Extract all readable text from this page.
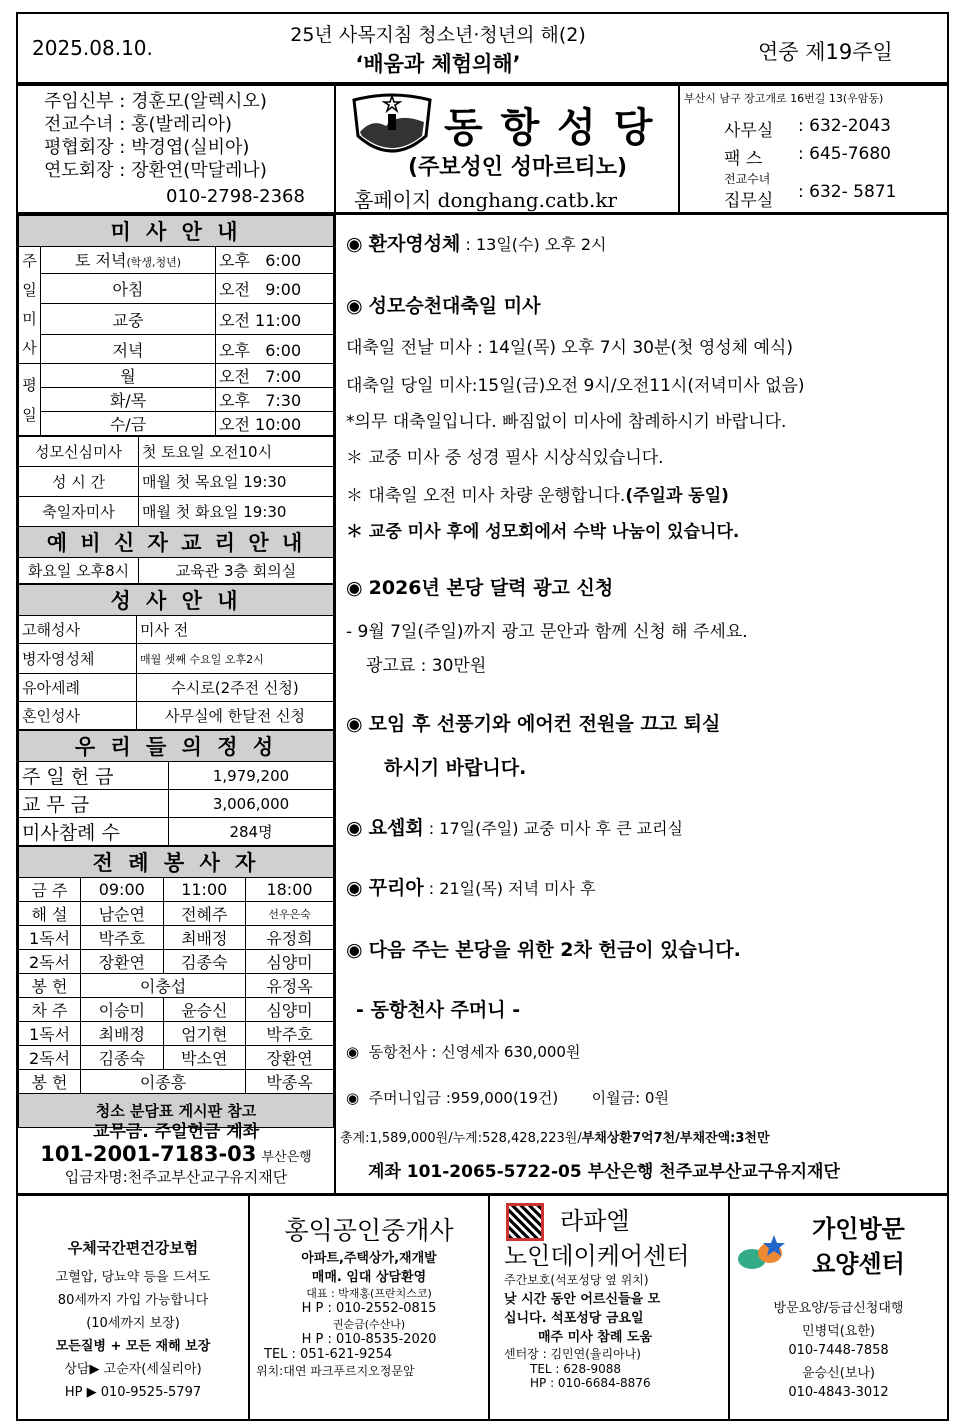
2025.08.10.
25년 사목지침 청소년·청년의 해(2)
‘배움과 체험의해’	연중 제19주일
주임신부 : 경훈모(알렉시오)
전교수녀 : 홍(발레리아)
평협회장 : 박경엽(실비아)
연도회장 : 장환연(막달레나)
010-2798-2368
동 항 성 당
(주보성인 성마르티노)
홈페이지 donghang.catb.kr
부산시 남구 장고개로 16번길 13(우암동)
사무실 : 632-2043
팩 스 : 645-7680
전교수녀
집무실 : 632- 5871
미 사 안 내		

주
일
미
사	토 저녁(학생,청년)	오후 6:00
	아침	오전 9:00
	교중	오전 11:00
	저녁	오후 6:00

평
일	월	오전 7:00
	화/목	오후 7:30
	수/금	오전 10:00
성모신심미사	첫 토요일 오전10시
성 시 간	매월 첫 목요일 19:30
축일자미사	매월 첫 화요일 19:30
예 비 신 자 교 리 안 내	
화요일 오후8시	교육관 3층 회의실
성 사 안 내	
고해성사	미사 전
병자영성체	매월 셋째 수요일 오후2시
유아세례	수시로(2주전 신청)
혼인성사	사무실에 한달전 신청
우 리 들 의 정 성	
주 일 헌 금	1,979,200
교 무 금	3,006,000
미사참례 수	284명
전 례 봉 사 자			
금 주	09:00	11:00	18:00
해 설	남순연	전혜주	선우은숙
1독서	박주호	최배정	유정희
2독서	장환연	김종숙	심양미
봉 헌	이충섭		유정옥
차 주	이승미	윤승신	심양미
1독서	최배정	엄기현	박주호
2독서	김종숙	박소연	장환연
봉 헌	이종흥		박종옥
청소 분담표 게시판 참고			
교무금. 주일헌금 계좌
101-2001-7183-03 부산은행
입금자명:천주교부산교구유지재단
◉ 환자영성체 : 13일(수) 오후 2시
◉ 성모승천대축일 미사
대축일 전날 미사 : 14일(목) 오후 7시 30분(첫 영성체 예식)
대축일 당일 미사:15일(금)오전 9시/오전11시(저녁미사 없음)
*의무 대축일입니다. 빠짐없이 미사에 참례하시기 바랍니다.
＊ 교중 미사 중 성경 필사 시상식있습니다.
＊ 대축일 오전 미사 차량 운행합니다.(주일과 동일)
＊ 교중 미사 후에 성모회에서 수박 나눔이 있습니다.
◉ 2026년 본당 달력 광고 신청
- 9월 7일(주일)까지 광고 문안과 함께 신청 해 주세요.
광고료 : 30만원
◉ 모임 후 선풍기와 에어컨 전원을 끄고 퇴실
하시기 바랍니다.
◉ 요셉회 : 17일(주일) 교중 미사 후 큰 교리실
◉ 꾸리아 : 21일(목) 저녁 미사 후
◉ 다음 주는 본당을 위한 2차 헌금이 있습니다.
- 동항천사 주머니 -
◉ 동항천사 : 신영세자 630,000원
◉ 주머니입금 :959,000(19건) 이월금: 0원
총계:1,589,000원/누계:528,428,223원/부채상환7억7천/부채잔액:3천만
계좌 101-2065-5722-05 부산은행 천주교부산교구유지재단
우체국간편건강보험
고혈압, 당뇨약 등을 드셔도
80세까지 가입 가능합니다
(10세까지 보장)
모든질병 + 모든 재해 보장
상담▶ 고순자(세실리아)
HP ▶ 010-9525-5797
홍익공인중개사
아파트,주택상가,재개발
매매. 임대 상담환영
대표 : 박재홍(프란치스코)
H P : 010-2552-0815
권순금(수산나)
H P : 010-8535-2020
TEL : 051-621-9254
위치:대연 파크푸르지오정문앞
라파엘
노인데이케어센터
주간보호(석포성당 옆 위치)
낮 시간 동안 어르신들을 모
십니다. 석포성당 금요일
매주 미사 참례 도움
센터장 : 김민연(율리아나)
TEL : 628-9088
HP : 010-6684-8876
가인방문
요양센터
방문요양/등급신청대행
민병덕(요한)
010-7448-7858
윤승신(보나)
010-4843-3012
